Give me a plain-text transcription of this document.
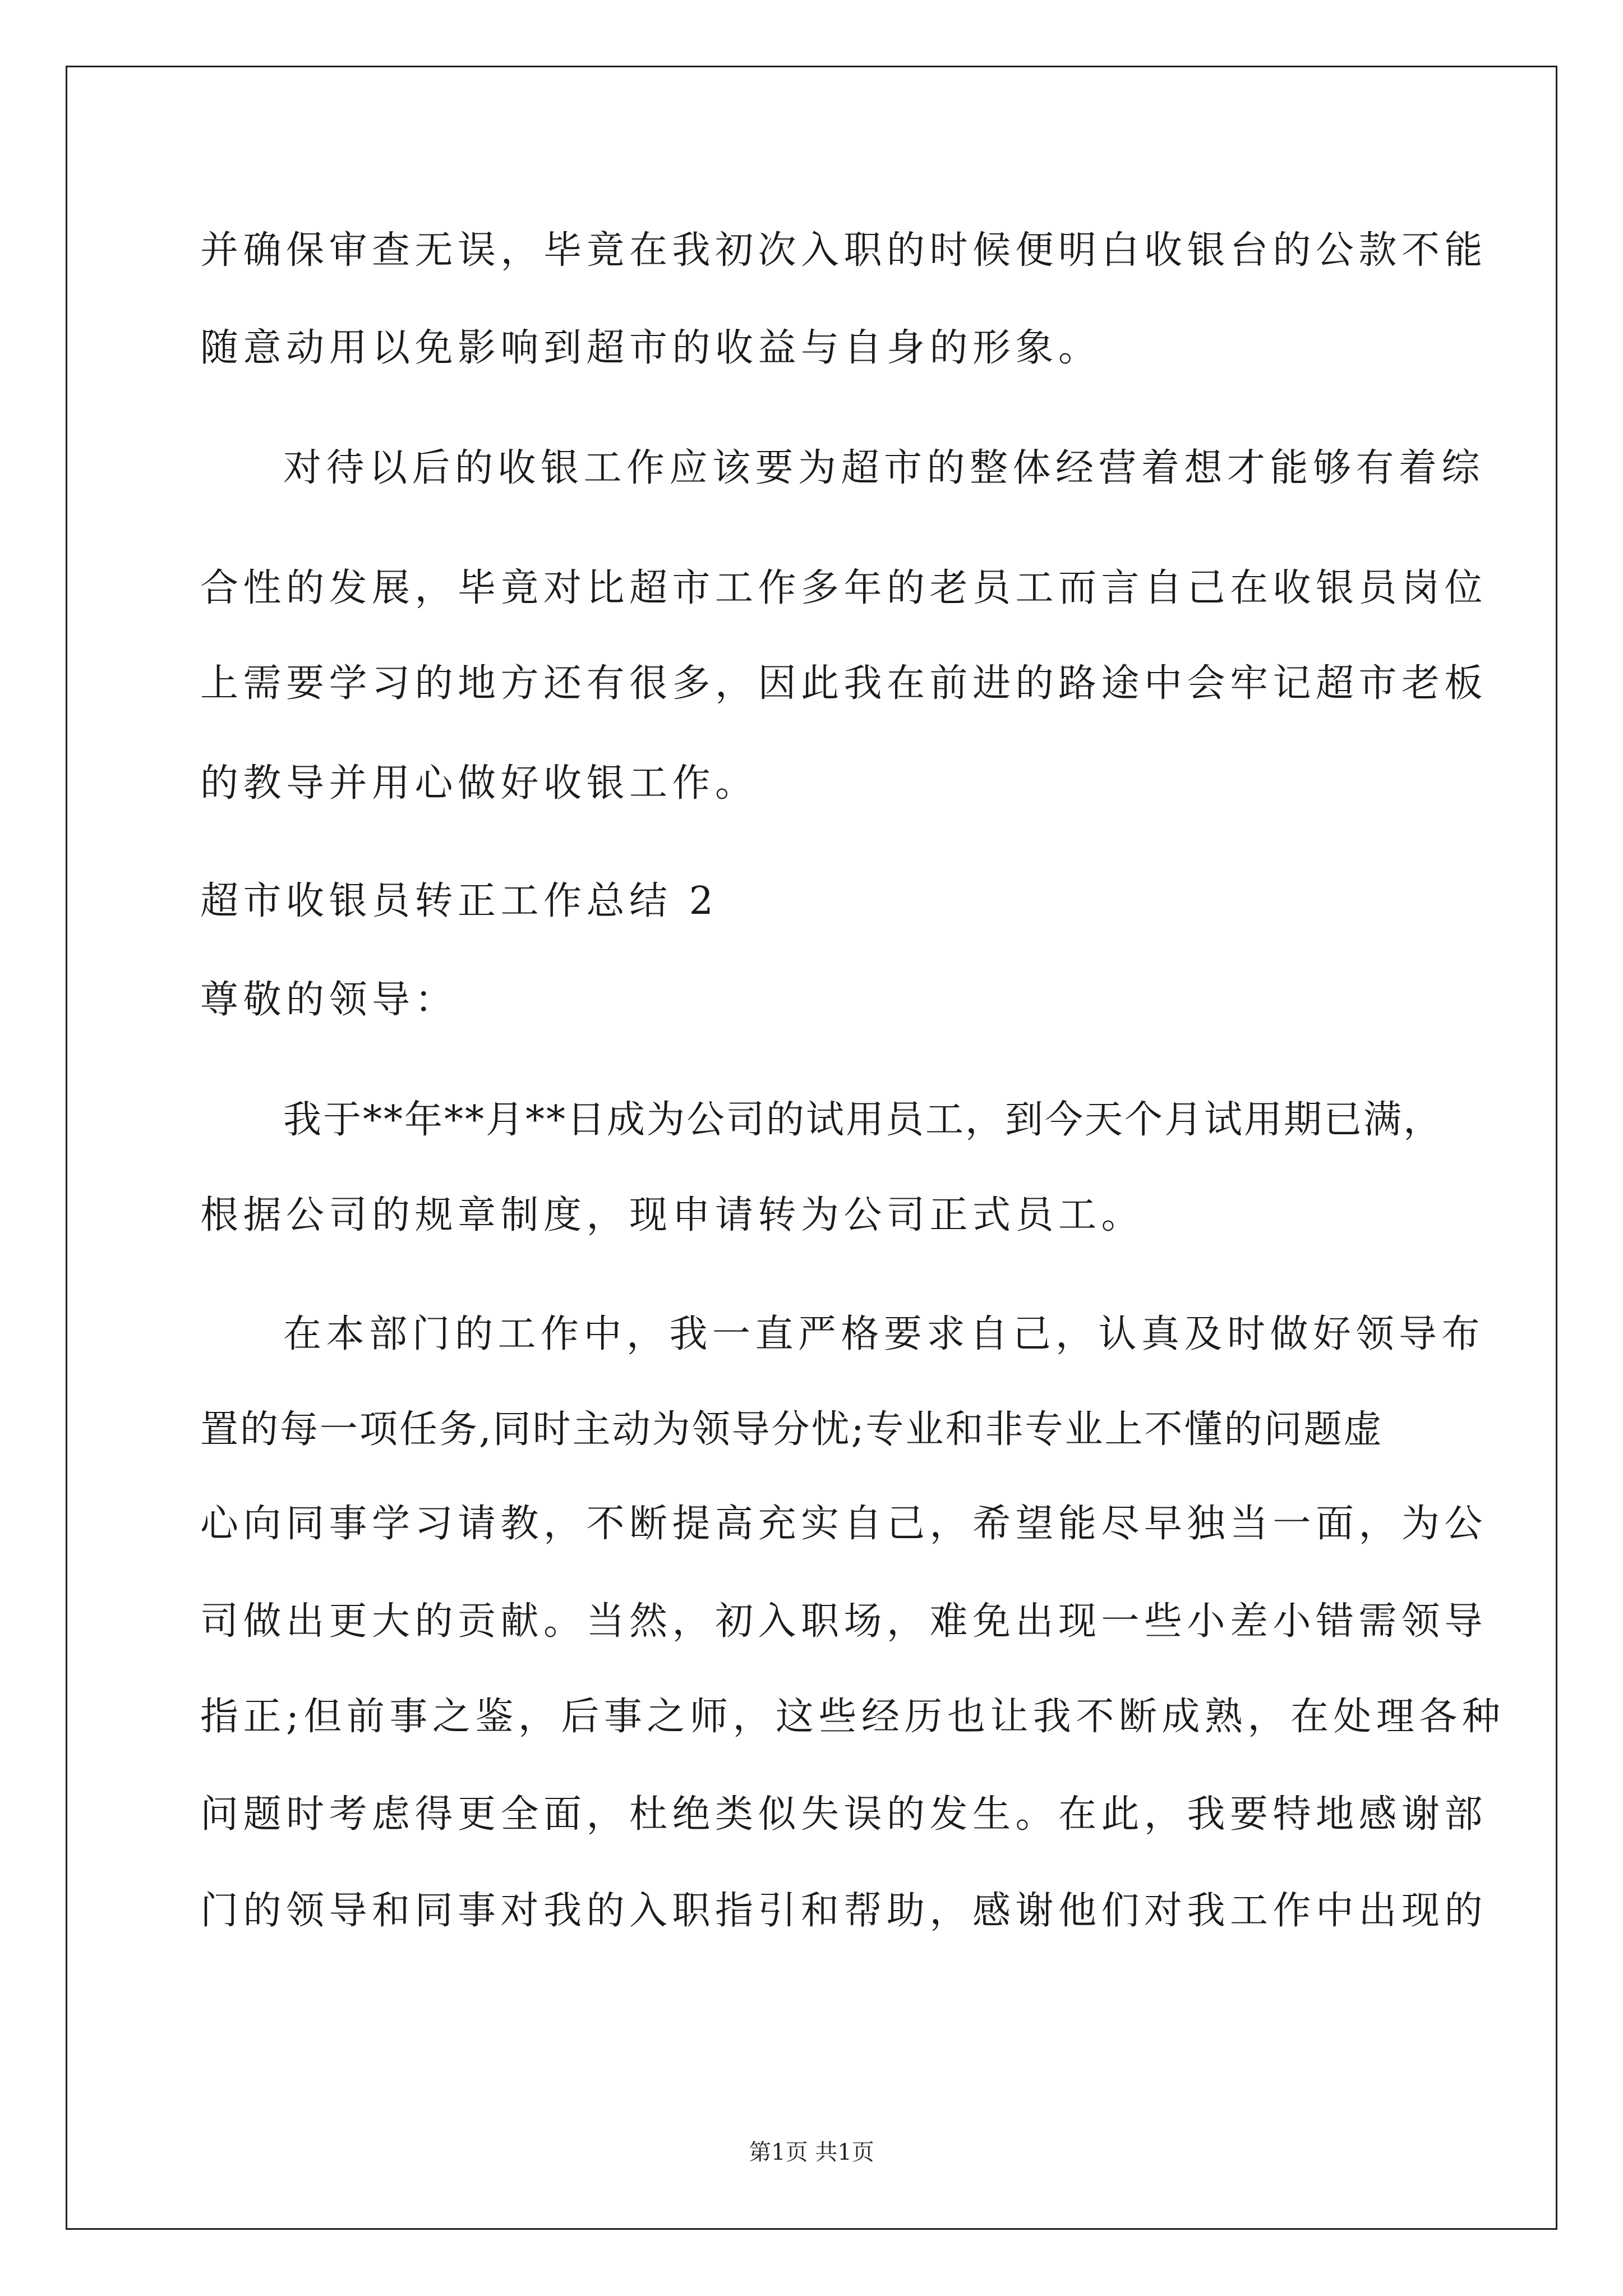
并确保审查无误，毕竟在我初次入职的时候便明白收银台的公款不能
随意动用以免影响到超市的收益与自身的形象。
对待以后的收银工作应该要为超市的整体经营着想才能够有着综
合性的发展，毕竟对比超市工作多年的老员工而言自己在收银员岗位
上需要学习的地方还有很多，因此我在前进的路途中会牢记超市老板
的教导并用心做好收银工作。
超市收银员转正工作总结 2
尊敬的领导：
我于**年**月**日成为公司的试用员工，到今天个月试用期已满，
根据公司的规章制度，现申请转为公司正式员工。
在本部门的工作中，我一直严格要求自己，认真及时做好领导布
置的每一项任务,同时主动为领导分忧;专业和非专业上不懂的问题虚
心向同事学习请教，不断提高充实自己，希望能尽早独当一面，为公
司做出更大的贡献。当然，初入职场，难免出现一些小差小错需领导
指正;但前事之鉴，后事之师，这些经历也让我不断成熟，在处理各种
问题时考虑得更全面，杜绝类似失误的发生。在此，我要特地感谢部
门的领导和同事对我的入职指引和帮助，感谢他们对我工作中出现的
第1页 共1页
